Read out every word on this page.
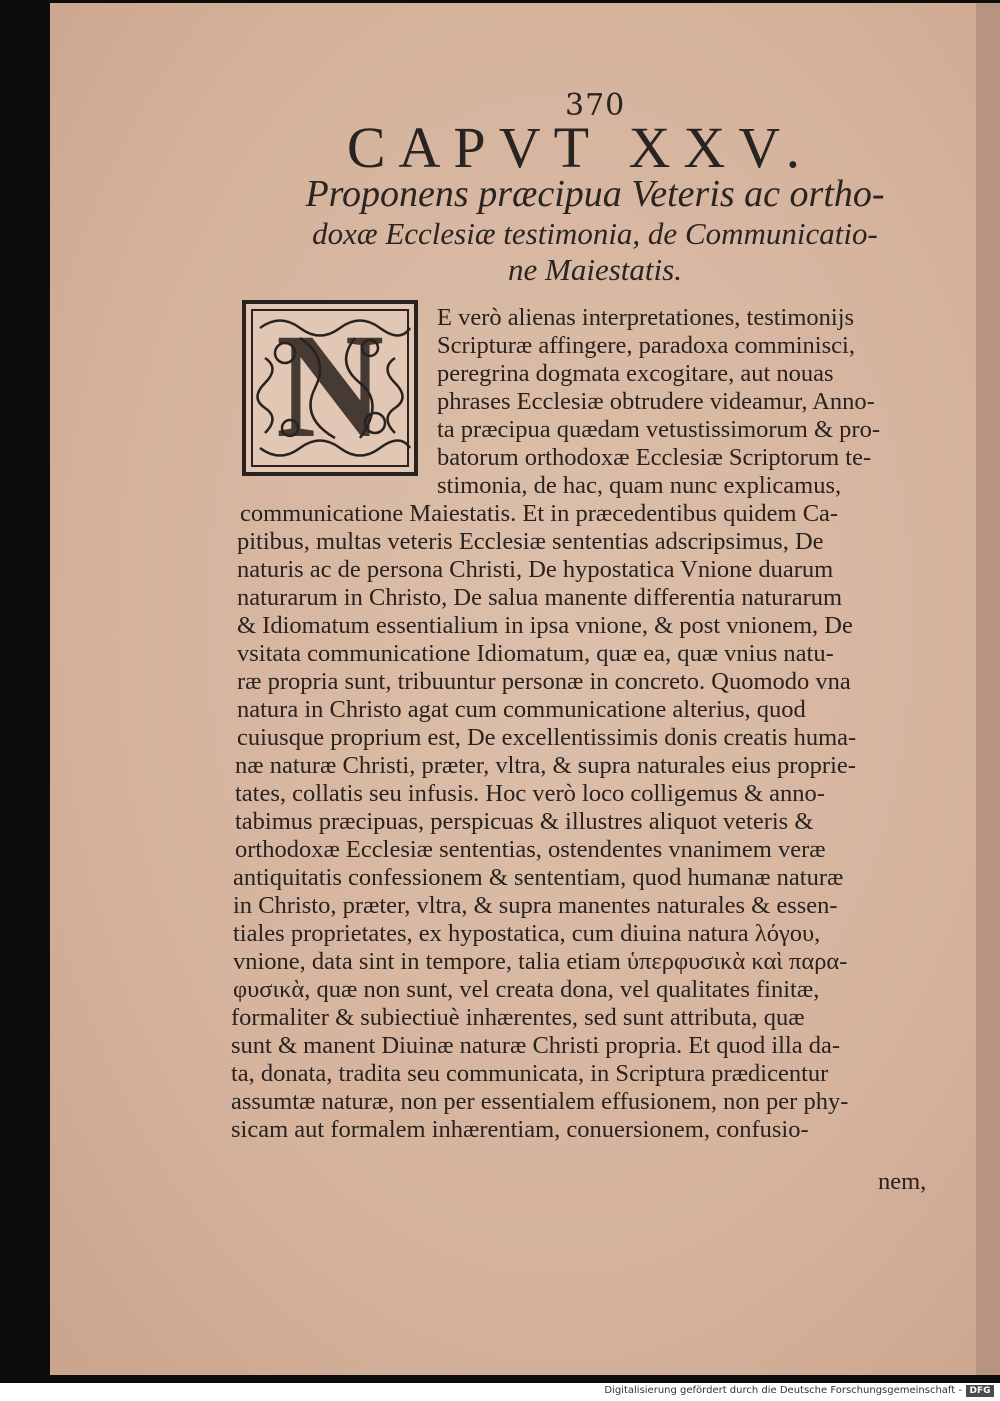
370
CAPVT XXV.
Proponens præcipua Veteris ac ortho-
doxæ Ecclesiæ testimonia, de Communicatio-
ne Maiestatis.
N E verò alienas interpretationes, testimonijs
Scripturæ affingere, paradoxa comminisci,
peregrina dogmata excogitare, aut nouas
phrases Ecclesiæ obtrudere videamur, Anno-
ta præcipua quædam vetustissimorum & pro-
batorum orthodoxæ Ecclesiæ Scriptorum te-
stimonia, de hac, quam nunc explicamus,
communicatione Maiestatis. Et in præcedentibus quidem Ca-
pitibus, multas veteris Ecclesiæ sententias adscripsimus, De
naturis ac de persona Christi, De hypostatica Vnione duarum
naturarum in Christo, De salua manente differentia naturarum
& Idiomatum essentialium in ipsa vnione, & post vnionem, De
vsitata communicatione Idiomatum, quæ ea, quæ vnius natu-
ræ propria sunt, tribuuntur personæ in concreto. Quomodo vna
natura in Christo agat cum communicatione alterius, quod
cuiusque proprium est, De excellentissimis donis creatis huma-
næ naturæ Christi, præter, vltra, & supra naturales eius proprie-
tates, collatis seu infusis. Hoc verò loco colligemus & anno-
tabimus præcipuas, perspicuas & illustres aliquot veteris &
orthodoxæ Ecclesiæ sententias, ostendentes vnanimem veræ
antiquitatis confessionem & sententiam, quod humanæ naturæ
in Christo, præter, vltra, & supra manentes naturales & essen-
tiales proprietates, ex hypostatica, cum diuina natura λόγου,
vnione, data sint in tempore, talia etiam ὑπερφυσικὰ καὶ παρα-
φυσικὰ, quæ non sunt, vel creata dona, vel qualitates finitæ,
formaliter & subiectiuè inhærentes, sed sunt attributa, quæ
sunt & manent Diuinæ naturæ Christi propria. Et quod illa da-
ta, donata, tradita seu communicata, in Scriptura prædicentur
assumtæ naturæ, non per essentialem effusionem, non per phy-
sicam aut formalem inhærentiam, conuersionem, confusio-
nem,
Digitalisierung gefördert durch die Deutsche Forschungsgemeinschaft - DFG
